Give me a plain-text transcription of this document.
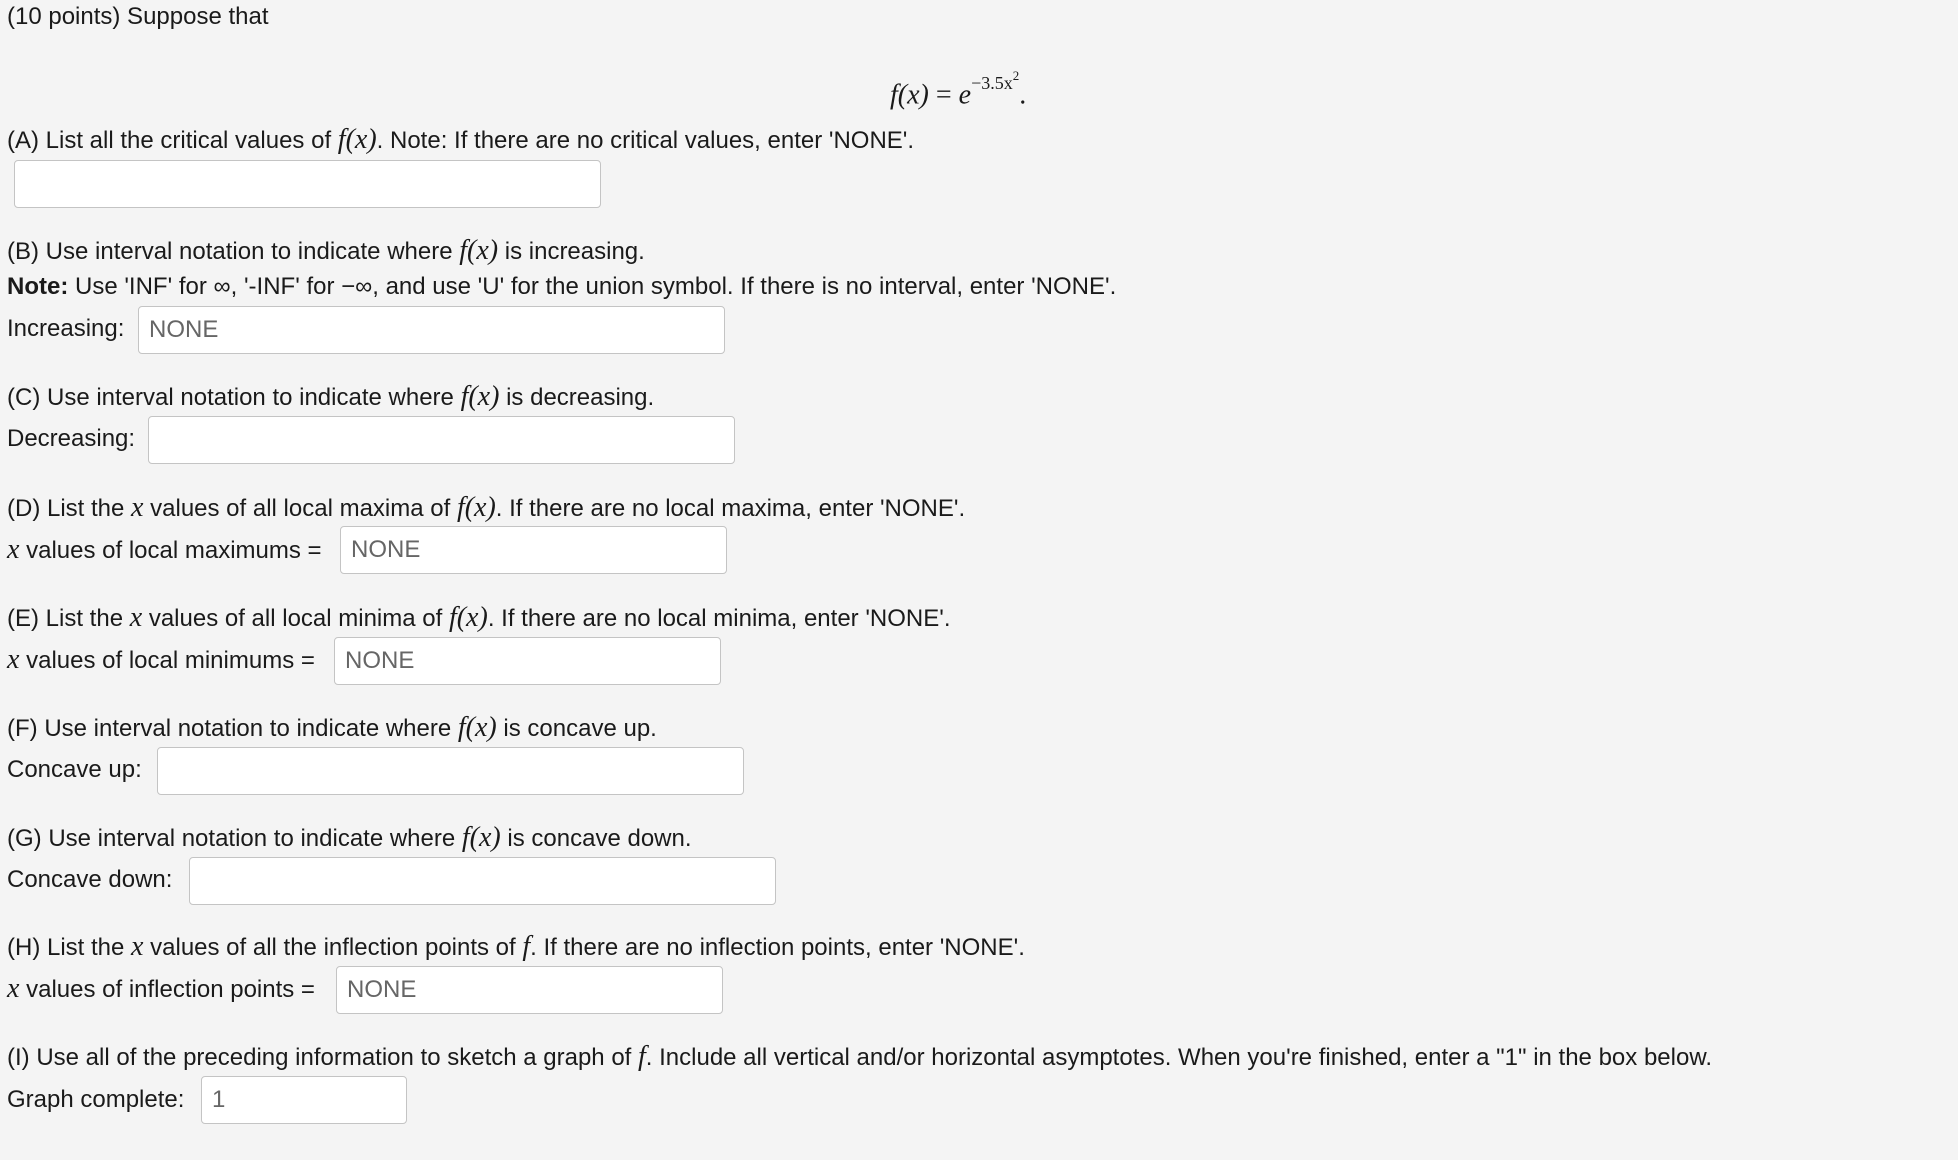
(10 points) Suppose that
$f(x) = e^{-3.5x^2}$.
(A) List all the critical values of f(x). Note: If there are no critical values, enter 'NONE'.
(B) Use interval notation to indicate where f(x) is increasing.
Note: Use 'INF' for ∞, '-INF' for −∞, and use 'U' for the union symbol. If there is no interval, enter 'NONE'.
Increasing:
NONE
(C) Use interval notation to indicate where f(x) is decreasing.
Decreasing:
(D) List the x values of all local maxima of f(x). If there are no local maxima, enter 'NONE'.
x values of local maximums =
NONE
(E) List the x values of all local minima of f(x). If there are no local minima, enter 'NONE'.
x values of local minimums =
NONE
(F) Use interval notation to indicate where f(x) is concave up.
Concave up:
(G) Use interval notation to indicate where f(x) is concave down.
Concave down:
(H) List the x values of all the inflection points of f. If there are no inflection points, enter 'NONE'.
x values of inflection points =
NONE
(I) Use all of the preceding information to sketch a graph of f. Include all vertical and/or horizontal asymptotes. When you're finished, enter a "1" in the box below.
Graph complete:
1
